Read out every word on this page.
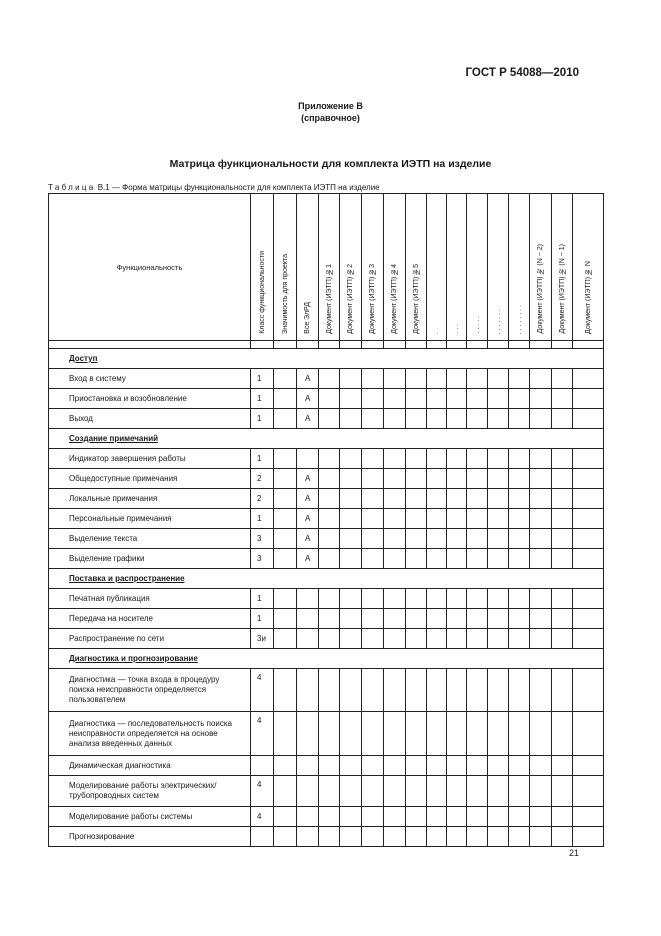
ГОСТ Р 54088—2010
Приложение В
(справочное)
Матрица функциональности для комплекта ИЭТП на изделие
Таблица В.1 — Форма матрицы функциональности для комплекта ИЭТП на изделие
Функциональность	Класс функциональности	Значимость для проекта	Все ЭлРД	Документ (ИЭТП) №1	Документ (ИЭТП) №2	Документ (ИЭТП) №3	Документ (ИЭТП) №4	Документ (ИЭТП) №5	.	. . .	. . . . .	. . . . . . .	. . . . . . . .	Документ (ИЭТП) № (N − 2)	Документ (ИЭТП) № (N − 1)	Документ (ИЭТП) № N

Доступ																
Вход в систему	1		А													
Приостановка и возобновление	1		А													
Выход	1		А													
Создание примечаний																
Индикатор завершения работы	1															
Общедоступные примечания	2		А													
Локальные примечания	2		А													
Персональные примечания	1		А													
Выделение текста	3		А													
Выделение графики	3		А													
Поставка и распространение																
Печатная публикация	1															
Передача на носителе	1															
Распространение по сети	3и															
Диагностика и прогнозирование																
Диагностика — точка входа в процедуру поиска неисправности определяется пользователем	4															
Диагностика — последовательность поиска неисправности определяется на основе анализа введенных данных	4															
Динамическая диагностика																
Моделирование работы электрических/трубопроводных систем	4															
Моделирование работы системы	4															
Прогнозирование																
21
